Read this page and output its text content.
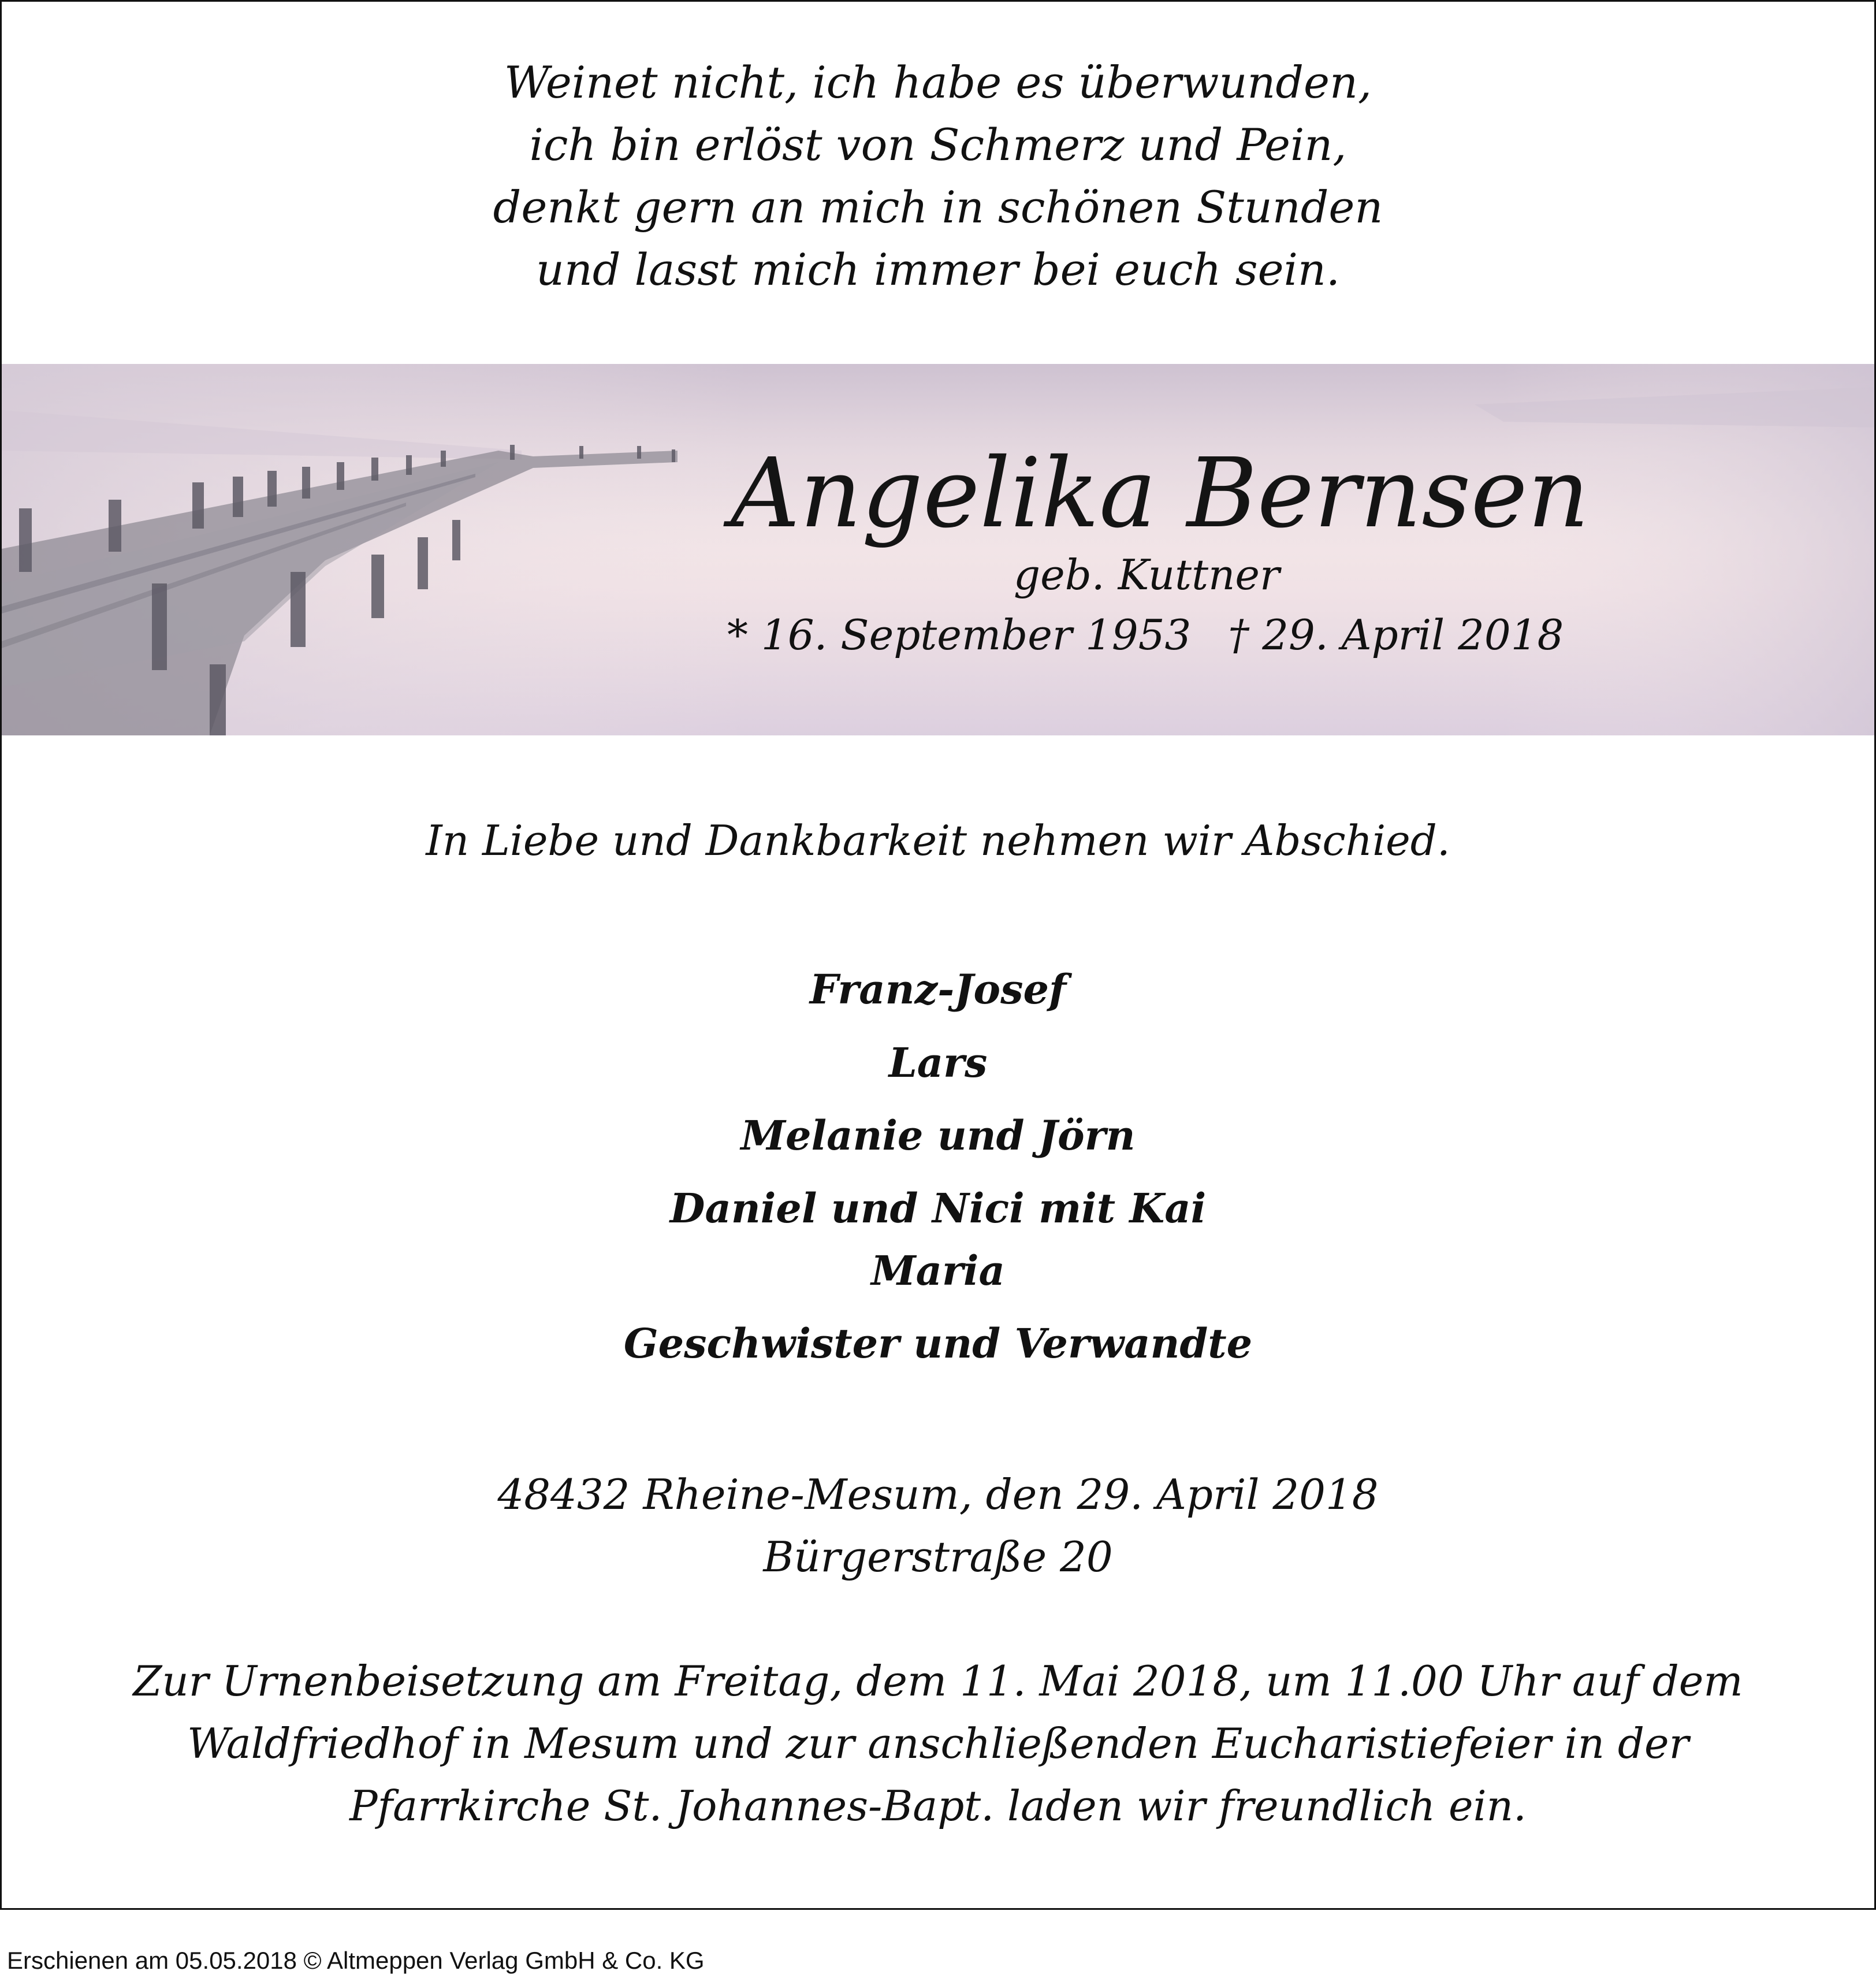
Weinet nicht, ich habe es überwunden,
ich bin erlöst von Schmerz und Pein,
denkt gern an mich in schönen Stunden
und lasst mich immer bei euch sein.
Angelika Bernsen
geb. Kuttner
* 16. September 1953 † 29. April 2018
In Liebe und Dankbarkeit nehmen wir Abschied.
Franz-Josef
Lars
Melanie und Jörn
Daniel und Nici mit Kai
Maria
Geschwister und Verwandte
48432 Rheine-Mesum, den 29. April 2018
Bürgerstraße 20
Zur Urnenbeisetzung am Freitag, dem 11. Mai 2018, um 11.00 Uhr auf dem
Waldfriedhof in Mesum und zur anschließenden Eucharistiefeier in der
Pfarrkirche St. Johannes-Bapt. laden wir freundlich ein.
Erschienen am 05.05.2018 © Altmeppen Verlag GmbH & Co. KG
